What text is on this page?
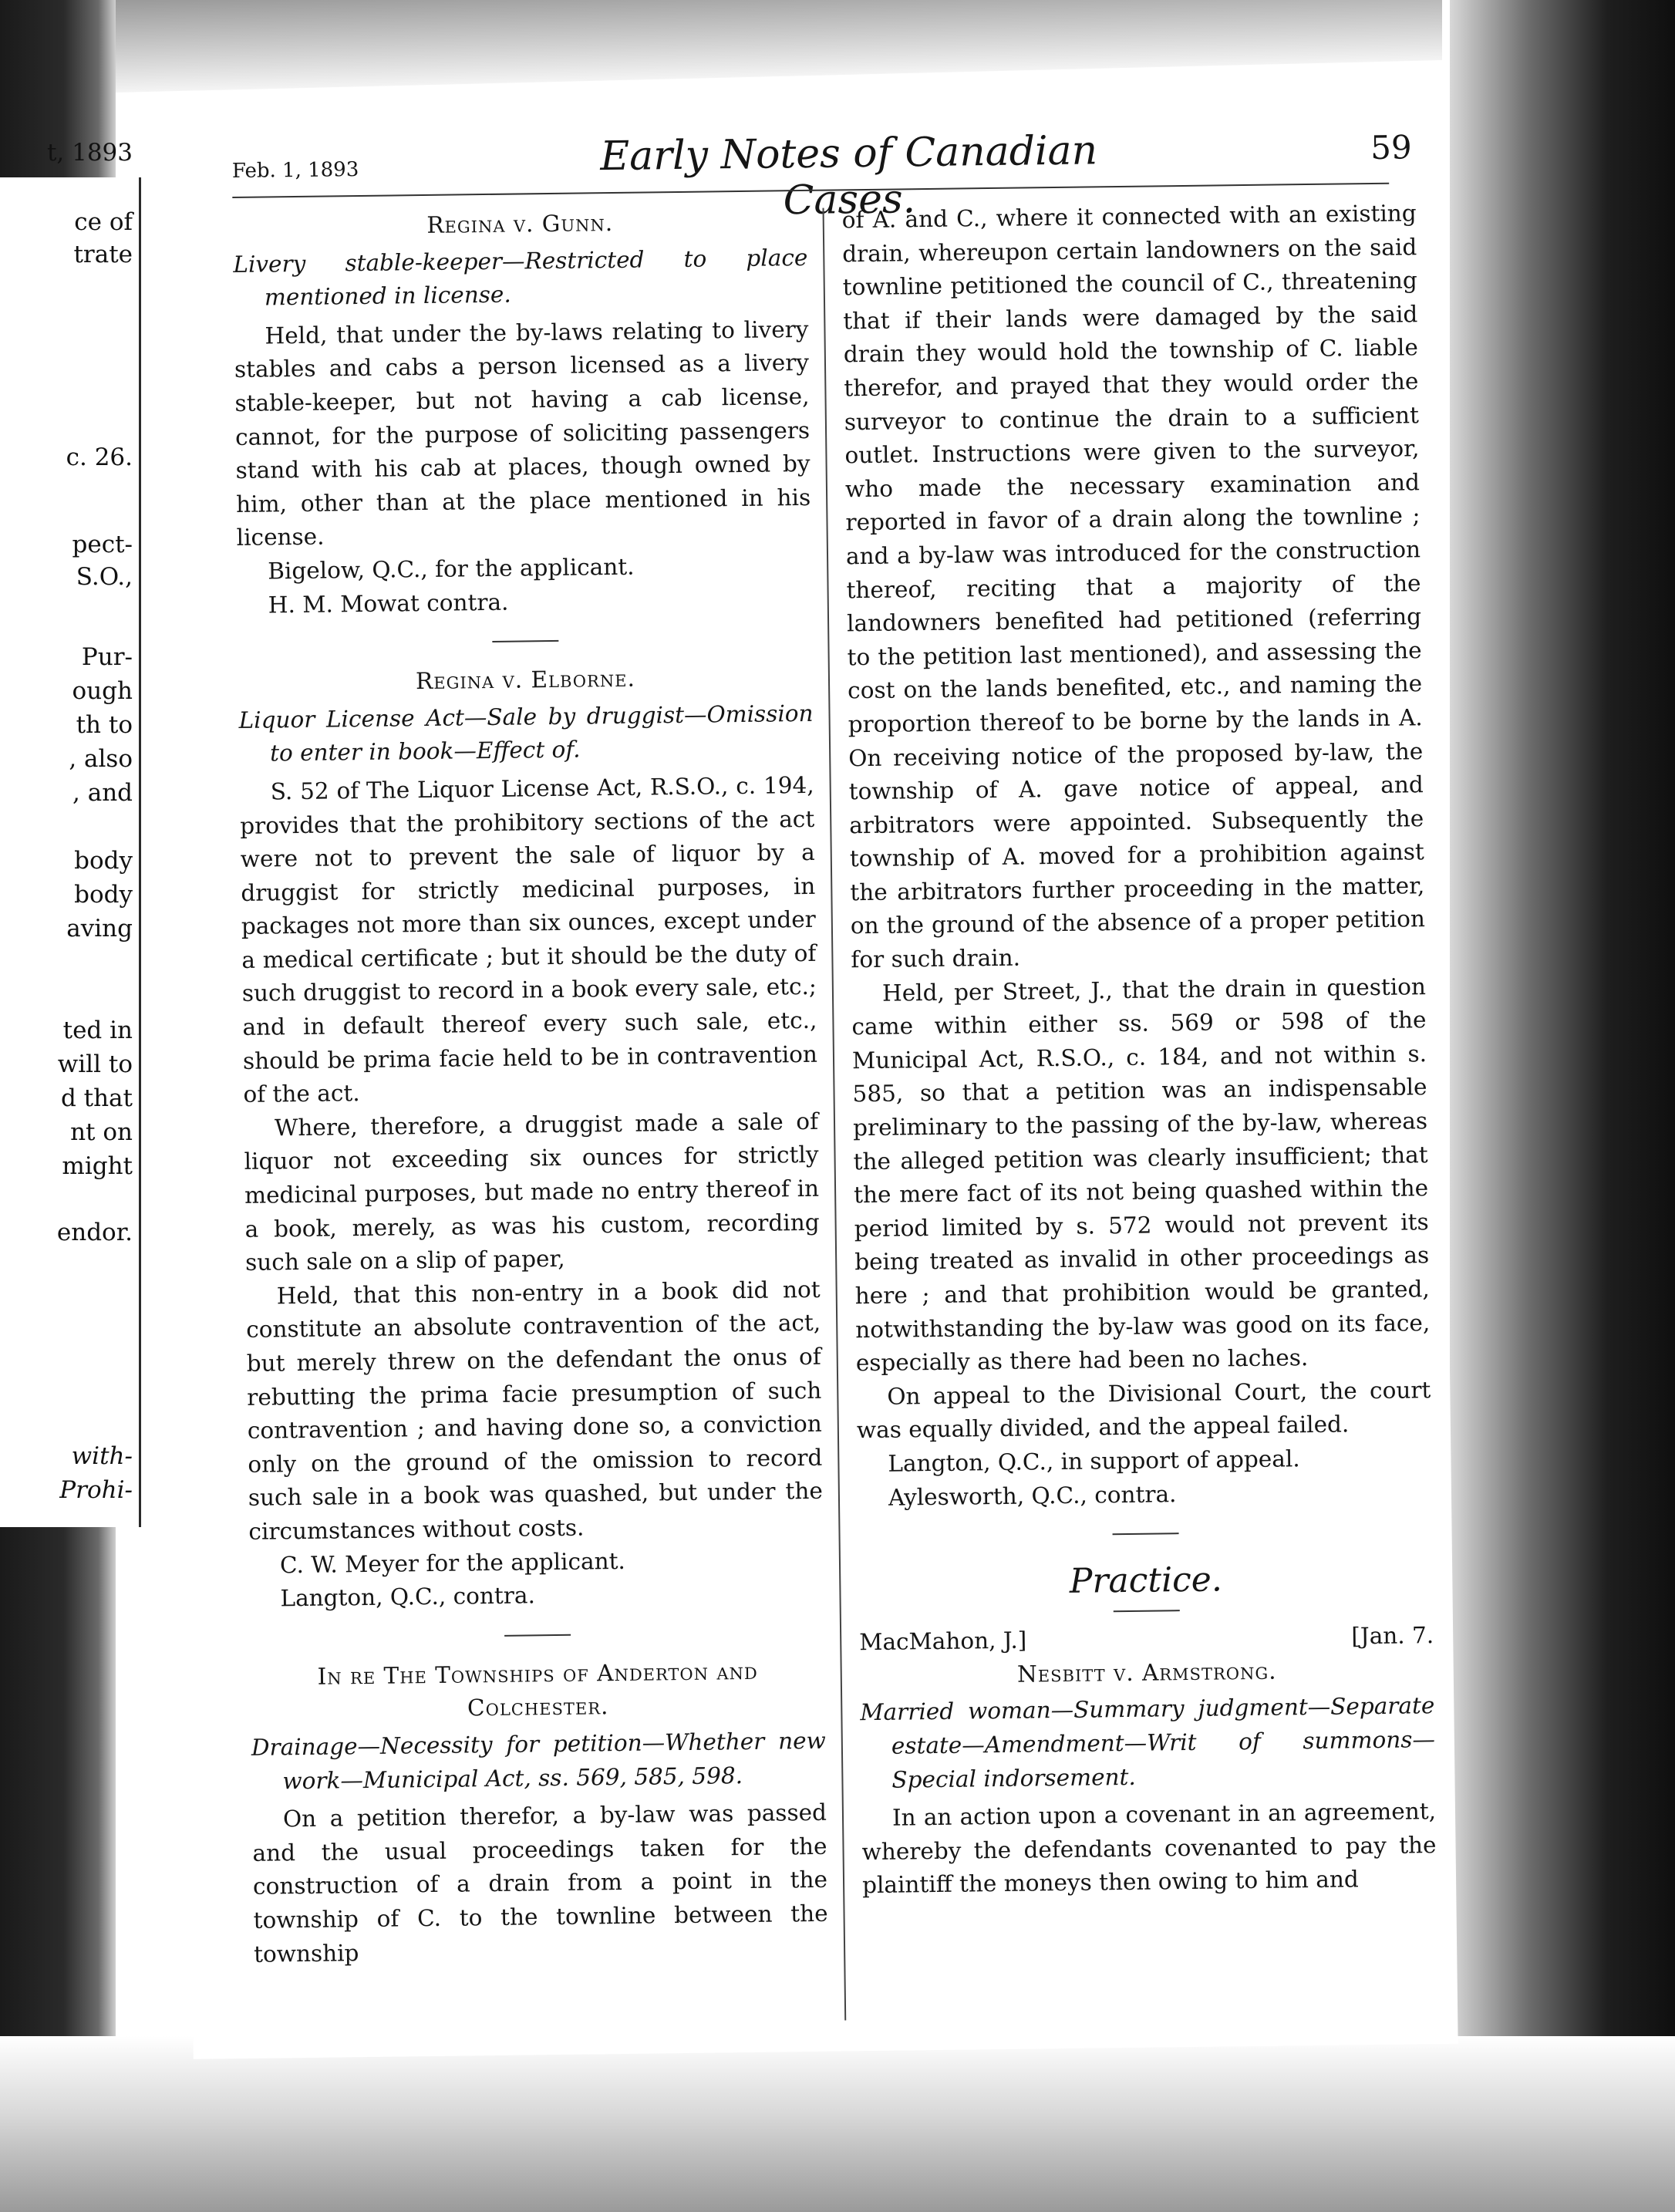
t, 1893
ce of
trate
c. 26.
pect-
S.O.,
Pur-
ough
th to
, also
, and
body
body
aving
ted in
will to
d that
nt on
might
endor.
with-
Prohi-
Feb. 1, 1893	Early Notes of Canadian Cases.
59

Regina v. Gunn.

Livery stable-keeper—Restricted to place mentioned in license.

Held, that under the by-laws relating to livery stables and cabs a person licensed as a livery stable-keeper, but not having a cab license, cannot, for the purpose of soliciting passengers stand with his cab at places, though owned by him, other than at the place mentioned in his license.

Bigelow, Q.C., for the applicant.
H. M. Mowat contra.

Regina v. Elborne.

Liquor License Act—Sale by druggist—Omission to enter in book—Effect of.

S. 52 of The Liquor License Act, R.S.O., c. 194, provides that the prohibitory sections of the act were not to prevent the sale of liquor by a druggist for strictly medicinal purposes, in packages not more than six ounces, except under a medical certificate ; but it should be the duty of such druggist to record in a book every sale, etc.; and in default thereof every such sale, etc., should be prima facie held to be in contravention of the act.

Where, therefore, a druggist made a sale of liquor not exceeding six ounces for strictly medicinal purposes, but made no entry thereof in a book, merely, as was his custom, recording such sale on a slip of paper,

Held, that this non-entry in a book did not constitute an absolute contravention of the act, but merely threw on the defendant the onus of rebutting the prima facie presumption of such contravention ; and having done so, a conviction only on the ground of the omission to record such sale in a book was quashed, but under the circumstances without costs.

C. W. Meyer for the applicant.
Langton, Q.C., contra.

In re The Townships of Anderton and Colchester.

Drainage—Necessity for petition—Whether new work—Municipal Act, ss. 569, 585, 598.

On a petition therefor, a by-law was passed and the usual proceedings taken for the construction of a drain from a point in the township of C. to the townline between the township

of A. and C., where it connected with an existing drain, whereupon certain landowners on the said townline petitioned the council of C., threatening that if their lands were damaged by the said drain they would hold the township of C. liable therefor, and prayed that they would order the surveyor to continue the drain to a sufficient outlet. Instructions were given to the surveyor, who made the necessary examination and reported in favor of a drain along the townline ; and a by-law was introduced for the construction thereof, reciting that a majority of the landowners benefited had petitioned (referring to the petition last mentioned), and assessing the cost on the lands benefited, etc., and naming the proportion thereof to be borne by the lands in A. On receiving notice of the proposed by-law, the township of A. gave notice of appeal, and arbitrators were appointed. Subsequently the township of A. moved for a prohibition against the arbitrators further proceeding in the matter, on the ground of the absence of a proper petition for such drain.

Held, per Street, J., that the drain in question came within either ss. 569 or 598 of the Municipal Act, R.S.O., c. 184, and not within s. 585, so that a petition was an indispensable preliminary to the passing of the by-law, whereas the alleged petition was clearly insufficient; that the mere fact of its not being quashed within the period limited by s. 572 would not prevent its being treated as invalid in other proceedings as here ; and that prohibition would be granted, notwithstanding the by-law was good on its face, especially as there had been no laches.

On appeal to the Divisional Court, the court was equally divided, and the appeal failed.

Langton, Q.C., in support of appeal.
Aylesworth, Q.C., contra.

Practice.

MacMahon, J.]	[Jan. 7.

Nesbitt v. Armstrong.

Married woman—Summary judgment—Separate estate—Amendment—Writ of summons—Special indorsement.

In an action upon a covenant in an agreement, whereby the defendants covenanted to pay the plaintiff the moneys then owing to him and
